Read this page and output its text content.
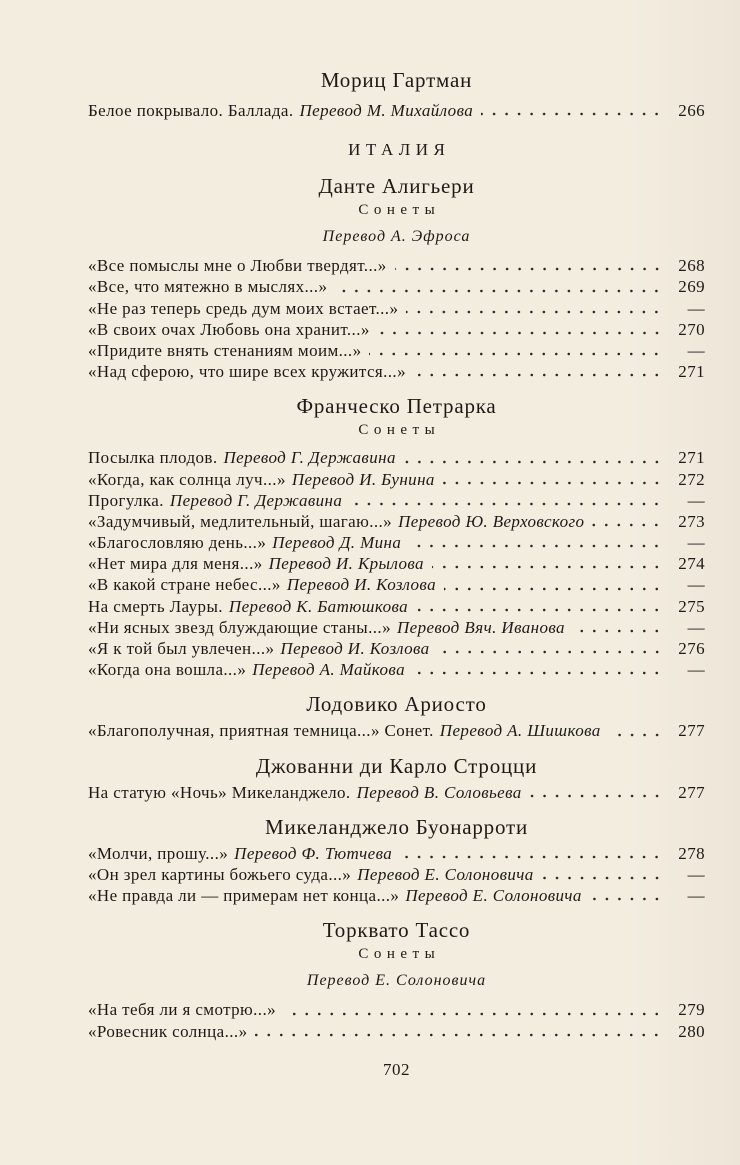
Мориц Гартман
Белое покрывало. Баллада. Перевод М. Михайлова	266
ИТАЛИЯ
Данте Алигьери
Сонеты
Перевод А. Эфроса
«Все помыслы мне о Любви твердят...»	268
«Все, что мятежно в мыслях...»	269
«Не раз теперь средь дум моих встает...»	—
«В своих очах Любовь она хранит...»	270
«Придите внять стенаниям моим...»	—
«Над сферою, что шире всех кружится...»	271
Франческо Петрарка
Сонеты
Посылка плодов. Перевод Г. Державина	271
«Когда, как солнца луч...» Перевод И. Бунина	272
Прогулка. Перевод Г. Державина	—
«Задумчивый, медлительный, шагаю...» Перевод Ю. Верховского	273
«Благословляю день...» Перевод Д. Мина	—
«Нет мира для меня...» Перевод И. Крылова	274
«В какой стране небес...» Перевод И. Козлова	—
На смерть Лауры. Перевод К. Батюшкова	275
«Ни ясных звезд блуждающие станы...» Перевод Вяч. Иванова	—
«Я к той был увлечен...» Перевод И. Козлова	276
«Когда она вошла...» Перевод А. Майкова	—
Лодовико Ариосто
«Благополучная, приятная темница...» Сонет. Перевод А. Шишкова	277
Джованни ди Карло Строцци
На статую «Ночь» Микеланджело. Перевод В. Соловьева	277
Микеланджело Буонарроти
«Молчи, прошу...» Перевод Ф. Тютчева	278
«Он зрел картины божьего суда...» Перевод Е. Солоновича	—
«Не правда ли — примерам нет конца...» Перевод Е. Солоновича	—
Торквато Тассо
Сонеты
Перевод Е. Солоновича
«На тебя ли я смотрю...»	279
«Ровесник солнца...»	280
702
